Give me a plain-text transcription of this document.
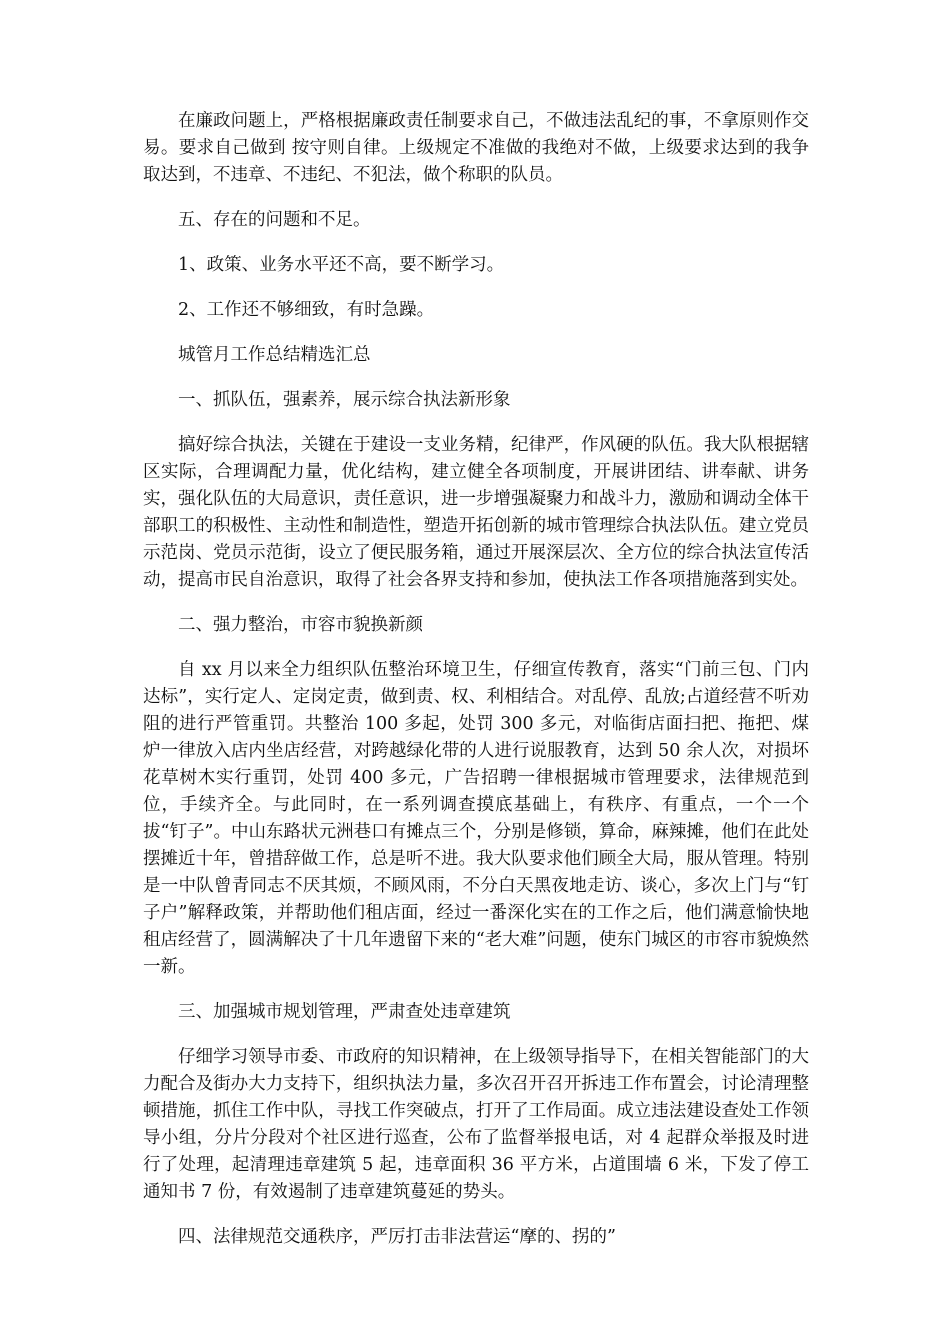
在廉政问题上，严格根据廉政责任制要求自己，不做违法乱纪的事，不拿原则作交易。要求自己做到 按守则自律。上级规定不准做的我绝对不做，上级要求达到的我争取达到，不违章、不违纪、不犯法，做个称职的队员。

五、存在的问题和不足。

1、政策、业务水平还不高，要不断学习。

2、工作还不够细致，有时急躁。

城管月工作总结精选汇总

一、抓队伍，强素养，展示综合执法新形象

搞好综合执法，关键在于建设一支业务精，纪律严，作风硬的队伍。我大队根据辖区实际，合理调配力量，优化结构，建立健全各项制度，开展讲团结、讲奉献、讲务实，强化队伍的大局意识，责任意识，进一步增强凝聚力和战斗力，激励和调动全体干部职工的积极性、主动性和制造性，塑造开拓创新的城市管理综合执法队伍。建立党员示范岗、党员示范街，设立了便民服务箱，通过开展深层次、全方位的综合执法宣传活动，提高市民自治意识，取得了社会各界支持和参加，使执法工作各项措施落到实处。

二、强力整治，市容市貌换新颜

自 xx 月以来全力组织队伍整治环境卫生，仔细宣传教育，落实“门前三包、门内达标”，实行定人、定岗定责，做到责、权、利相结合。对乱停、乱放;占道经营不听劝阻的进行严管重罚。共整治 100 多起，处罚 300 多元，对临街店面扫把、拖把、煤炉一律放入店内坐店经营，对跨越绿化带的人进行说服教育，达到 50 余人次，对损坏花草树木实行重罚，处罚 400 多元，广告招聘一律根据城市管理要求，法律规范到位，手续齐全。与此同时，在一系列调查摸底基础上，有秩序、有重点，一个一个拔“钉子”。中山东路状元洲巷口有摊点三个，分别是修锁，算命，麻辣摊，他们在此处摆摊近十年，曾措辞做工作，总是听不进。我大队要求他们顾全大局，服从管理。特别是一中队曾青同志不厌其烦，不顾风雨，不分白天黑夜地走访、谈心，多次上门与“钉子户”解释政策，并帮助他们租店面，经过一番深化实在的工作之后，他们满意愉快地租店经营了，圆满解决了十几年遗留下来的“老大难”问题，使东门城区的市容市貌焕然一新。

三、加强城市规划管理，严肃查处违章建筑

仔细学习领导市委、市政府的知识精神，在上级领导指导下，在相关智能部门的大力配合及街办大力支持下，组织执法力量，多次召开召开拆违工作布置会，讨论清理整顿措施，抓住工作中队，寻找工作突破点，打开了工作局面。成立违法建设查处工作领导小组，分片分段对个社区进行巡查，公布了监督举报电话，对 4 起群众举报及时进行了处理，起清理违章建筑 5 起，违章面积 36 平方米，占道围墙 6 米，下发了停工通知书 7 份，有效遏制了违章建筑蔓延的势头。

四、法律规范交通秩序，严厉打击非法营运“摩的、拐的”
